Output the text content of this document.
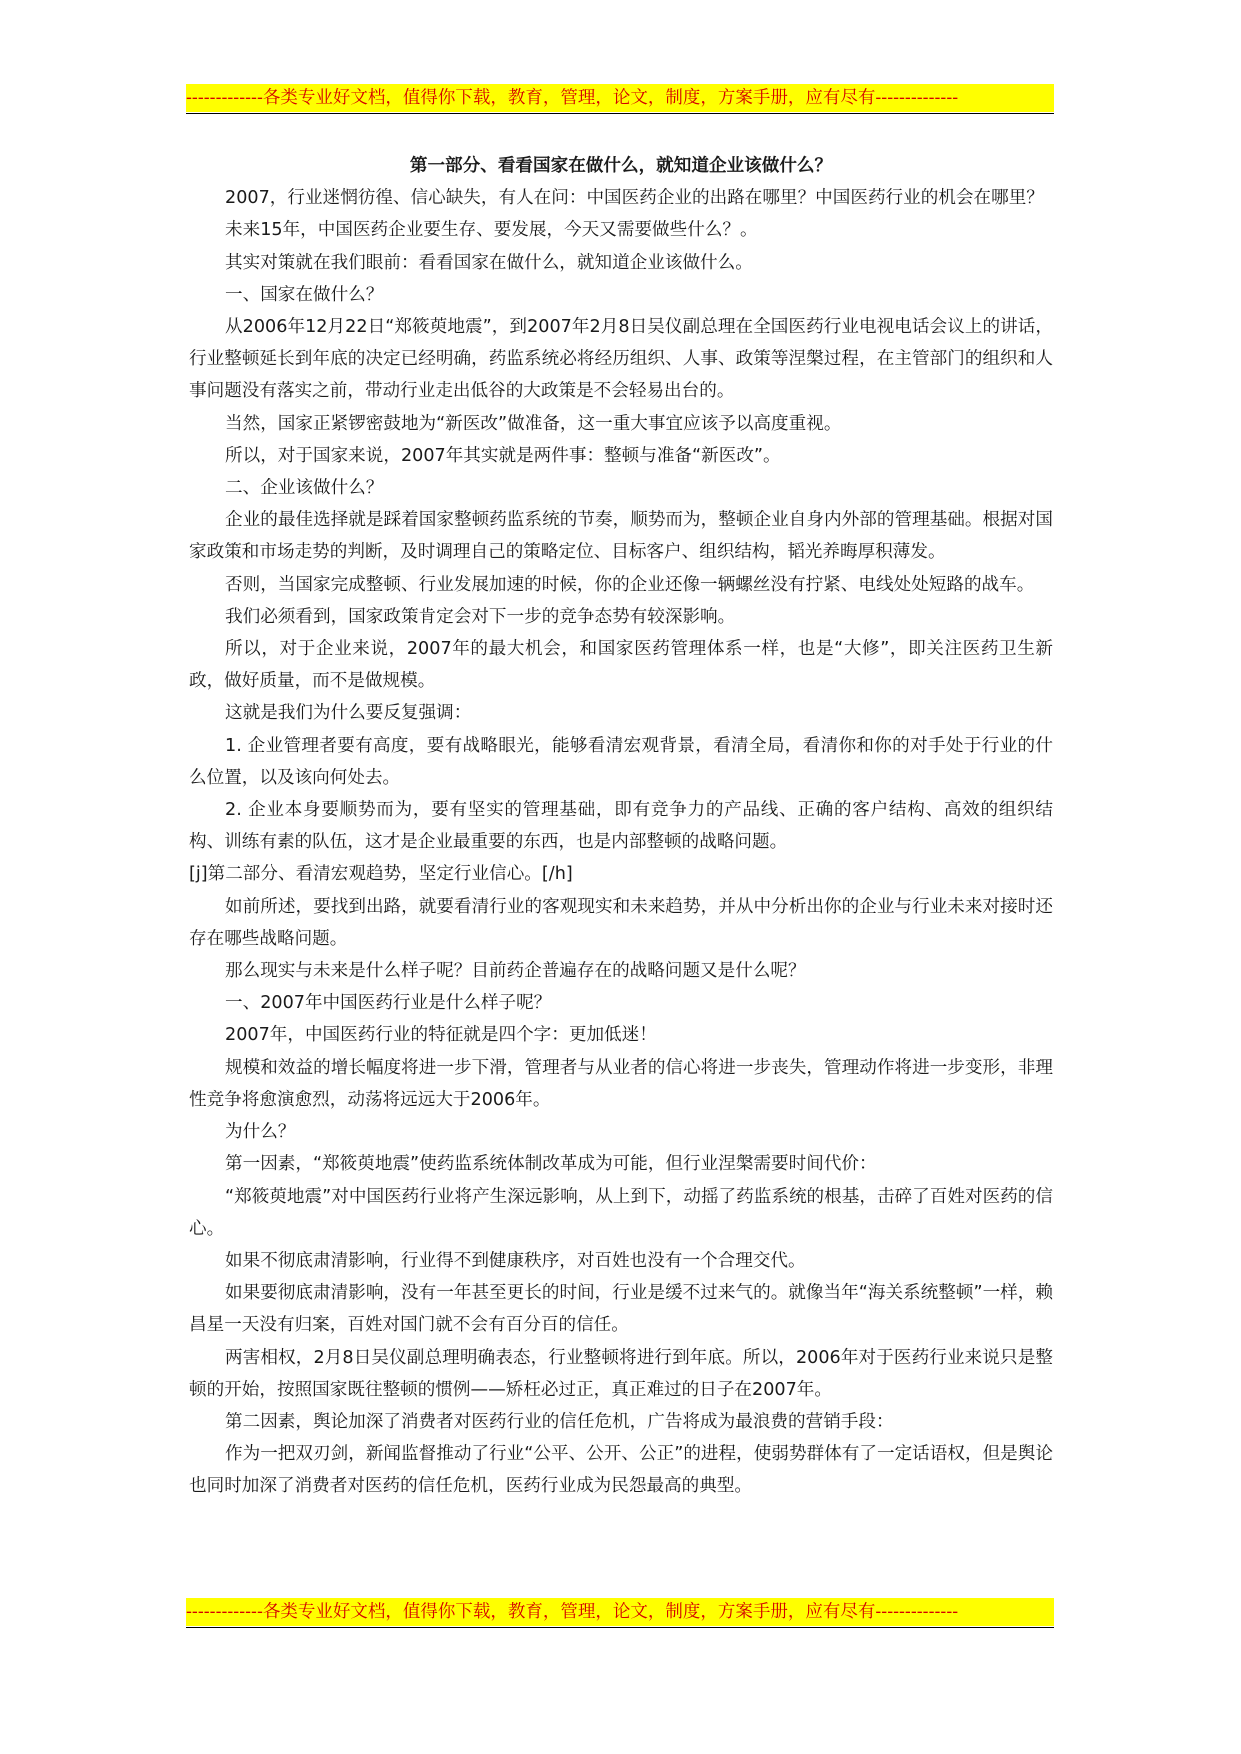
-------------各类专业好文档，值得你下载，教育，管理，论文，制度，方案手册，应有尽有--------------

第一部分、看看国家在做什么，就知道企业该做什么？

2007，行业迷惘彷徨、信心缺失，有人在问：中国医药企业的出路在哪里？中国医药行业的机会在哪里？

未来15年，中国医药企业要生存、要发展，今天又需要做些什么？。

其实对策就在我们眼前：看看国家在做什么，就知道企业该做什么。

一、国家在做什么？

从2006年12月22日“郑筱萸地震”，到2007年2月8日吴仪副总理在全国医药行业电视电话会议上的讲话，行业整顿延长到年底的决定已经明确，药监系统必将经历组织、人事、政策等涅槃过程，在主管部门的组织和人事问题没有落实之前，带动行业走出低谷的大政策是不会轻易出台的。

当然，国家正紧锣密鼓地为“新医改”做准备，这一重大事宜应该予以高度重视。

所以，对于国家来说，2007年其实就是两件事：整顿与准备“新医改”。

二、企业该做什么？

企业的最佳选择就是踩着国家整顿药监系统的节奏，顺势而为，整顿企业自身内外部的管理基础。根据对国家政策和市场走势的判断，及时调理自己的策略定位、目标客户、组织结构，韬光养晦厚积薄发。

否则，当国家完成整顿、行业发展加速的时候，你的企业还像一辆螺丝没有拧紧、电线处处短路的战车。

我们必须看到，国家政策肯定会对下一步的竞争态势有较深影响。

所以，对于企业来说，2007年的最大机会，和国家医药管理体系一样，也是“大修”，即关注医药卫生新政，做好质量，而不是做规模。

这就是我们为什么要反复强调：

1. 企业管理者要有高度，要有战略眼光，能够看清宏观背景，看清全局，看清你和你的对手处于行业的什么位置，以及该向何处去。

2. 企业本身要顺势而为，要有坚实的管理基础，即有竞争力的产品线、正确的客户结构、高效的组织结构、训练有素的队伍，这才是企业最重要的东西，也是内部整顿的战略问题。

[j]第二部分、看清宏观趋势，坚定行业信心。[/h]

如前所述，要找到出路，就要看清行业的客观现实和未来趋势，并从中分析出你的企业与行业未来对接时还存在哪些战略问题。

那么现实与未来是什么样子呢？目前药企普遍存在的战略问题又是什么呢？

一、2007年中国医药行业是什么样子呢？

2007年，中国医药行业的特征就是四个字：更加低迷！

规模和效益的增长幅度将进一步下滑，管理者与从业者的信心将进一步丧失，管理动作将进一步变形，非理性竞争将愈演愈烈，动荡将远远大于2006年。

为什么？

第一因素，“郑筱萸地震”使药监系统体制改革成为可能，但行业涅槃需要时间代价：

“郑筱萸地震”对中国医药行业将产生深远影响，从上到下，动摇了药监系统的根基，击碎了百姓对医药的信心。

如果不彻底肃清影响，行业得不到健康秩序，对百姓也没有一个合理交代。

如果要彻底肃清影响，没有一年甚至更长的时间，行业是缓不过来气的。就像当年“海关系统整顿”一样，赖昌星一天没有归案，百姓对国门就不会有百分百的信任。

两害相权，2月8日吴仪副总理明确表态，行业整顿将进行到年底。所以，2006年对于医药行业来说只是整顿的开始，按照国家既往整顿的惯例——矫枉必过正，真正难过的日子在2007年。

第二因素，舆论加深了消费者对医药行业的信任危机，广告将成为最浪费的营销手段：

作为一把双刃剑，新闻监督推动了行业“公平、公开、公正”的进程，使弱势群体有了一定话语权，但是舆论也同时加深了消费者对医药的信任危机，医药行业成为民怨最高的典型。

-------------各类专业好文档，值得你下载，教育，管理，论文，制度，方案手册，应有尽有--------------
